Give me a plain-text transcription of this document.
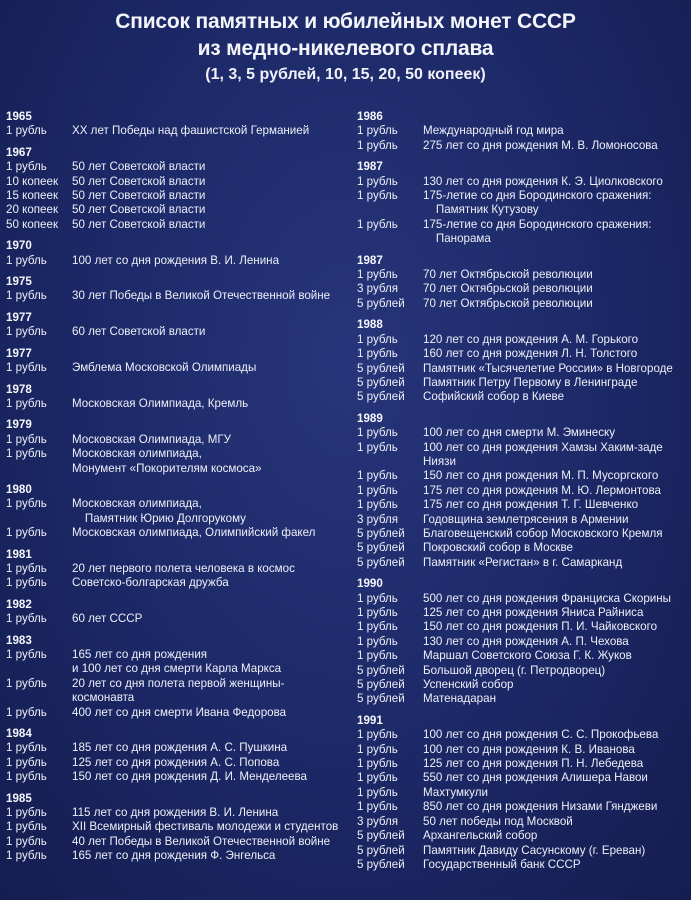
Список памятных и юбилейных монет СССР
из медно-никелевого сплава
(1, 3, 5 рублей, 10, 15, 20, 50 копеек)
1965
1 рубль	XX лет Победы над фашистской Германией
1967
1 рубль	50 лет Советской власти
10 копеек	50 лет Советской власти
15 копеек	50 лет Советской власти
20 копеек	50 лет Советской власти
50 копеек	50 лет Советской власти
1970
1 рубль	100 лет со дня рождения В. И. Ленина
1975
1 рубль	30 лет Победы в Великой Отечественной войне
1977
1 рубль	60 лет Советской власти
1977
1 рубль	Эмблема Московской Олимпиады
1978
1 рубль	Московская Олимпиада, Кремль
1979
1 рубль	Московская Олимпиада, МГУ
1 рубль	Московская олимпиада,
Монумент «Покорителям космоса»
1980
1 рубль	Московская олимпиада,
Памятник Юрию Долгорукому
1 рубль	Московская олимпиада, Олимпийский факел
1981
1 рубль	20 лет первого полета человека в космос
1 рубль	Советско-болгарская дружба
1982
1 рубль	60 лет СССР
1983
1 рубль	165 лет со дня рождения
и 100 лет со дня смерти Карла Маркса
1 рубль	20 лет со дня полета первой женщины-
космонавта
1 рубль	400 лет со дня смерти Ивана Федорова
1984
1 рубль	185 лет со дня рождения А. С. Пушкина
1 рубль	125 лет со дня рождения А. С. Попова
1 рубль	150 лет со дня рождения Д. И. Менделеева
1985
1 рубль	115 лет со дня рождения В. И. Ленина
1 рубль	XII Всемирный фестиваль молодежи и студентов
1 рубль	40 лет Победы в Великой Отечественной войне
1 рубль	165 лет со дня рождения Ф. Энгельса
1986
1 рубль	Международный год мира
1 рубль	275 лет со дня рождения М. В. Ломоносова
1987
1 рубль	130 лет со дня рождения К. Э. Циолковского
1 рубль	175-летие со дня Бородинского сражения:
Памятник Кутузову
1 рубль	175-летие со дня Бородинского сражения:
Панорама
1987
1 рубль	70 лет Октябрьской революции
3 рубля	70 лет Октябрьской революции
5 рублей	70 лет Октябрьской революции
1988
1 рубль	120 лет со дня рождения А. М. Горького
1 рубль	160 лет со дня рождения Л. Н. Толстого
5 рублей	Памятник «Тысячелетие России» в Новгороде
5 рублей	Памятник Петру Первому в Ленинграде
5 рублей	Софийский собор в Киеве
1989
1 рубль	100 лет со дня смерти М. Эминеску
1 рубль	100 лет со дня рождения Хамзы Хаким-заде
Ниязи
1 рубль	150 лет со дня рождения М. П. Мусоргского
1 рубль	175 лет со дня рождения М. Ю. Лермонтова
1 рубль	175 лет со дня рождения Т. Г. Шевченко
3 рубля	Годовщина землетрясения в Армении
5 рублей	Благовещенский собор Московского Кремля
5 рублей	Покровский собор в Москве
5 рублей	Памятник «Регистан» в г. Самарканд
1990
1 рубль	500 лет со дня рождения Франциска Скорины
1 рубль	125 лет со дня рождения Яниса Райниса
1 рубль	150 лет со дня рождения П. И. Чайковского
1 рубль	130 лет со дня рождения А. П. Чехова
1 рубль	Маршал Советского Союза Г. К. Жуков
5 рублей	Большой дворец (г. Петродворец)
5 рублей	Успенский собор
5 рублей	Матенадаран
1991
1 рубль	100 лет со дня рождения С. С. Прокофьева
1 рубль	100 лет со дня рождения К. В. Иванова
1 рубль	125 лет со дня рождения П. Н. Лебедева
1 рубль	550 лет со дня рождения Алишера Навои
1 рубль	Махтумкули
1 рубль	850 лет со дня рождения Низами Гянджеви
3 рубля	50 лет победы под Москвой
5 рублей	Архангельский собор
5 рублей	Памятник Давиду Сасунскому (г. Ереван)
5 рублей	Государственный банк СССР
